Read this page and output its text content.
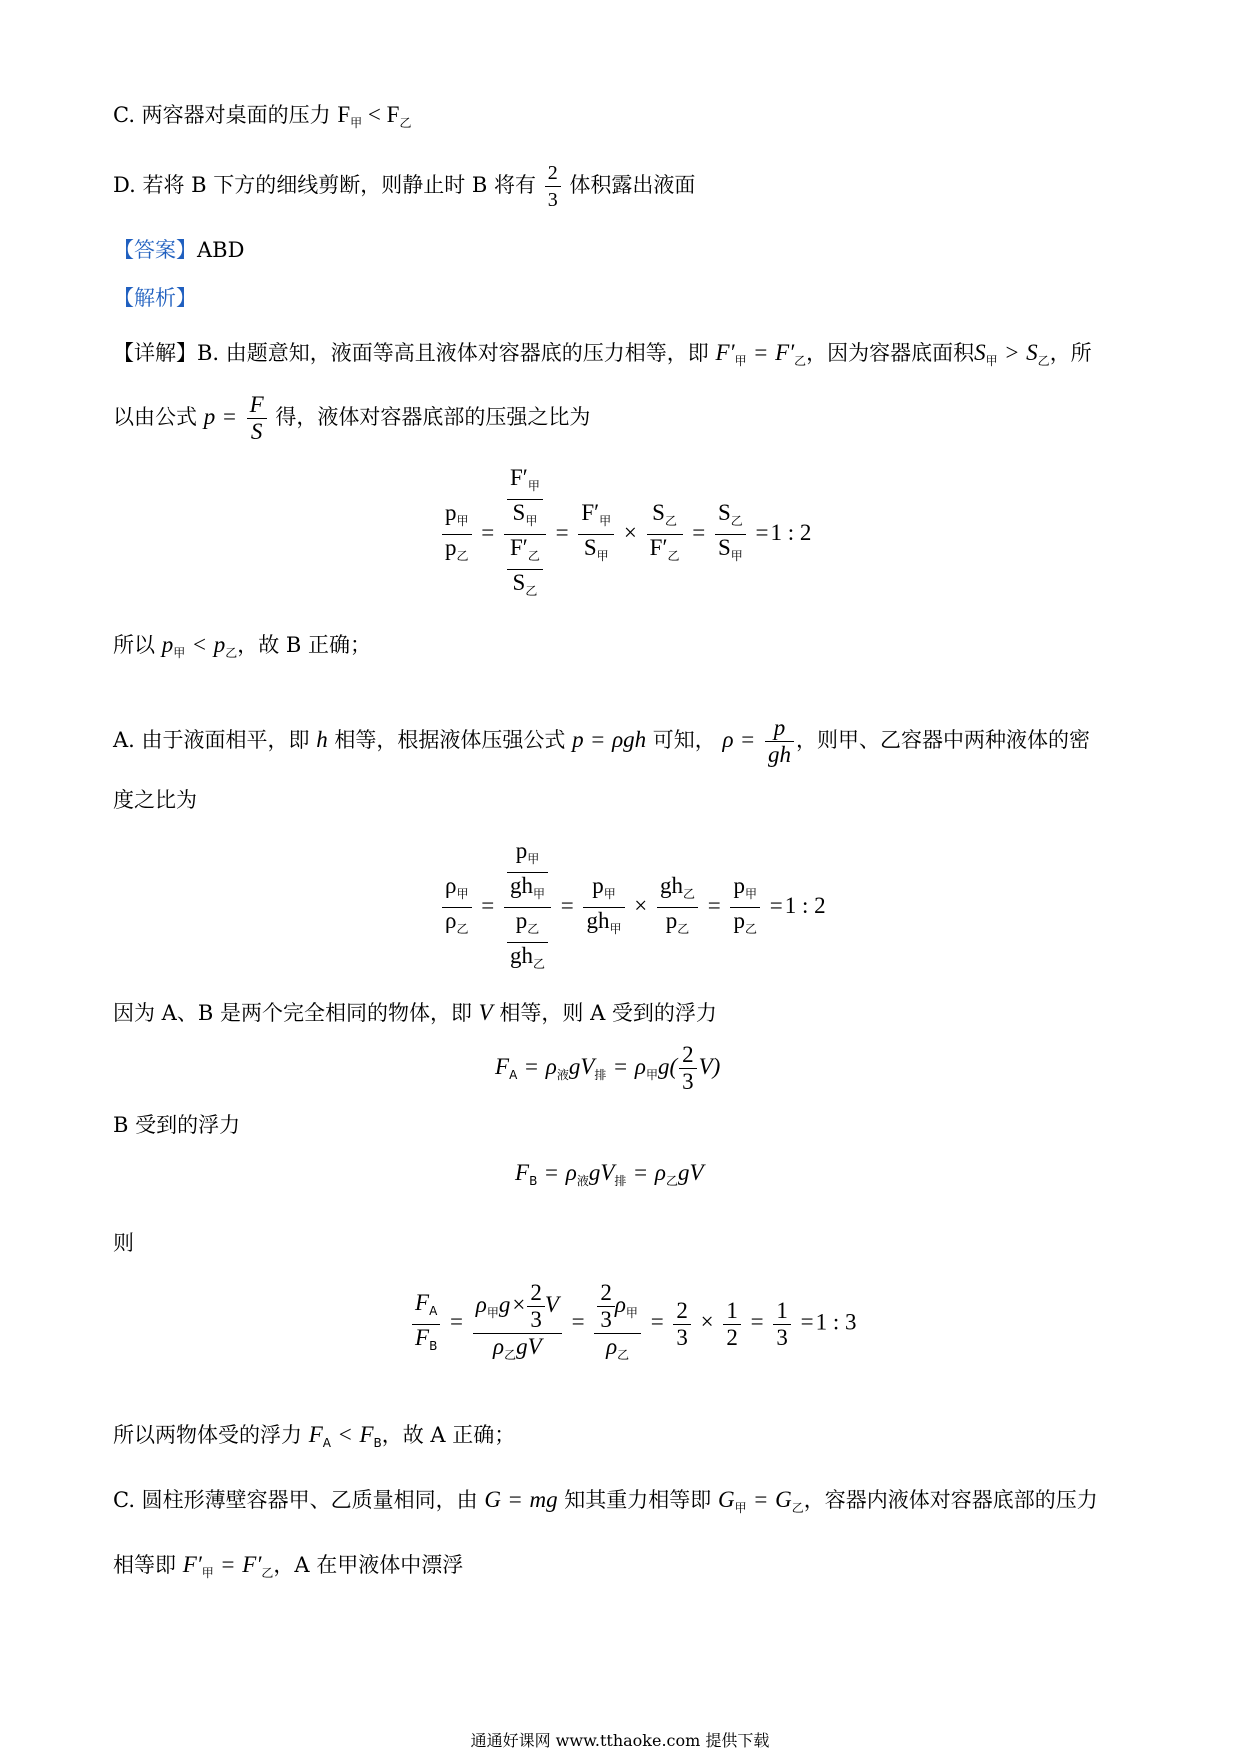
C. 两容器对桌面的压力 $F_甲 < F_乙$
D. 若将 B 下方的细线剪断，则静止时 B 将有 $\frac{2}{3}$ 体积露出液面
【答案】ABD
【解析】
【详解】B. 由题意知，液面等高且液体对容器底的压力相等，即 $F'_甲 = F'_乙$，因为容器底面积$S_甲 > S_乙$，所
以由公式 $p = \frac{F}{S}$ 得，液体对容器底部的压强之比为
$\frac{p_甲}{p_乙} = \frac{\frac{F'_甲}{S_甲}}{\frac{F'_乙}{S_乙}} = \frac{F'_甲}{S_甲} \times \frac{S_乙}{F'_乙} = \frac{S_乙}{S_甲} =1$ : 2
所以 $p_甲 < p_乙$，故 B 正确；
A. 由于液面相平，即 h 相等，根据液体压强公式 p = ρgh 可知， $\rho = \frac{p}{gh}$ ，则甲、乙容器中两种液体的密
度之比为
$\frac{\rho_甲}{\rho_乙} = \frac{\frac{p_甲}{gh_甲}}{\frac{p_乙}{gh_乙}} = \frac{p_甲}{gh_甲} \times \frac{gh_乙}{p_乙} = \frac{p_甲}{p_乙} =1$ : 2
因为 A、B 是两个完全相同的物体，即 V 相等，则 A 受到的浮力
$F_A = \rho_液gV_排 = \rho_甲g( \frac{2}{3} V)$
B 受到的浮力
$F_B = \rho_液gV_排 = \rho_乙gV$
则
$\frac{F_A}{F_B} = \frac{\rho_甲g\times \frac{2}{3} V}{\rho_乙gV} = \frac{\frac{2}{3} \rho_甲}{\rho_乙} = \frac{2}{3} \times \frac{1}{2} = \frac{1}{3} =1$ : 3
所以两物体受的浮力 $F_A < F_B$，故 A 正确；
C. 圆柱形薄壁容器甲、乙质量相同，由 G = mg 知其重力相等即 $G_甲 = G_乙$，容器内液体对容器底部的压力
相等即 $F'_甲 = F'_乙$，A 在甲液体中漂浮
通通好课网 www.tthaoke.com 提供下载
